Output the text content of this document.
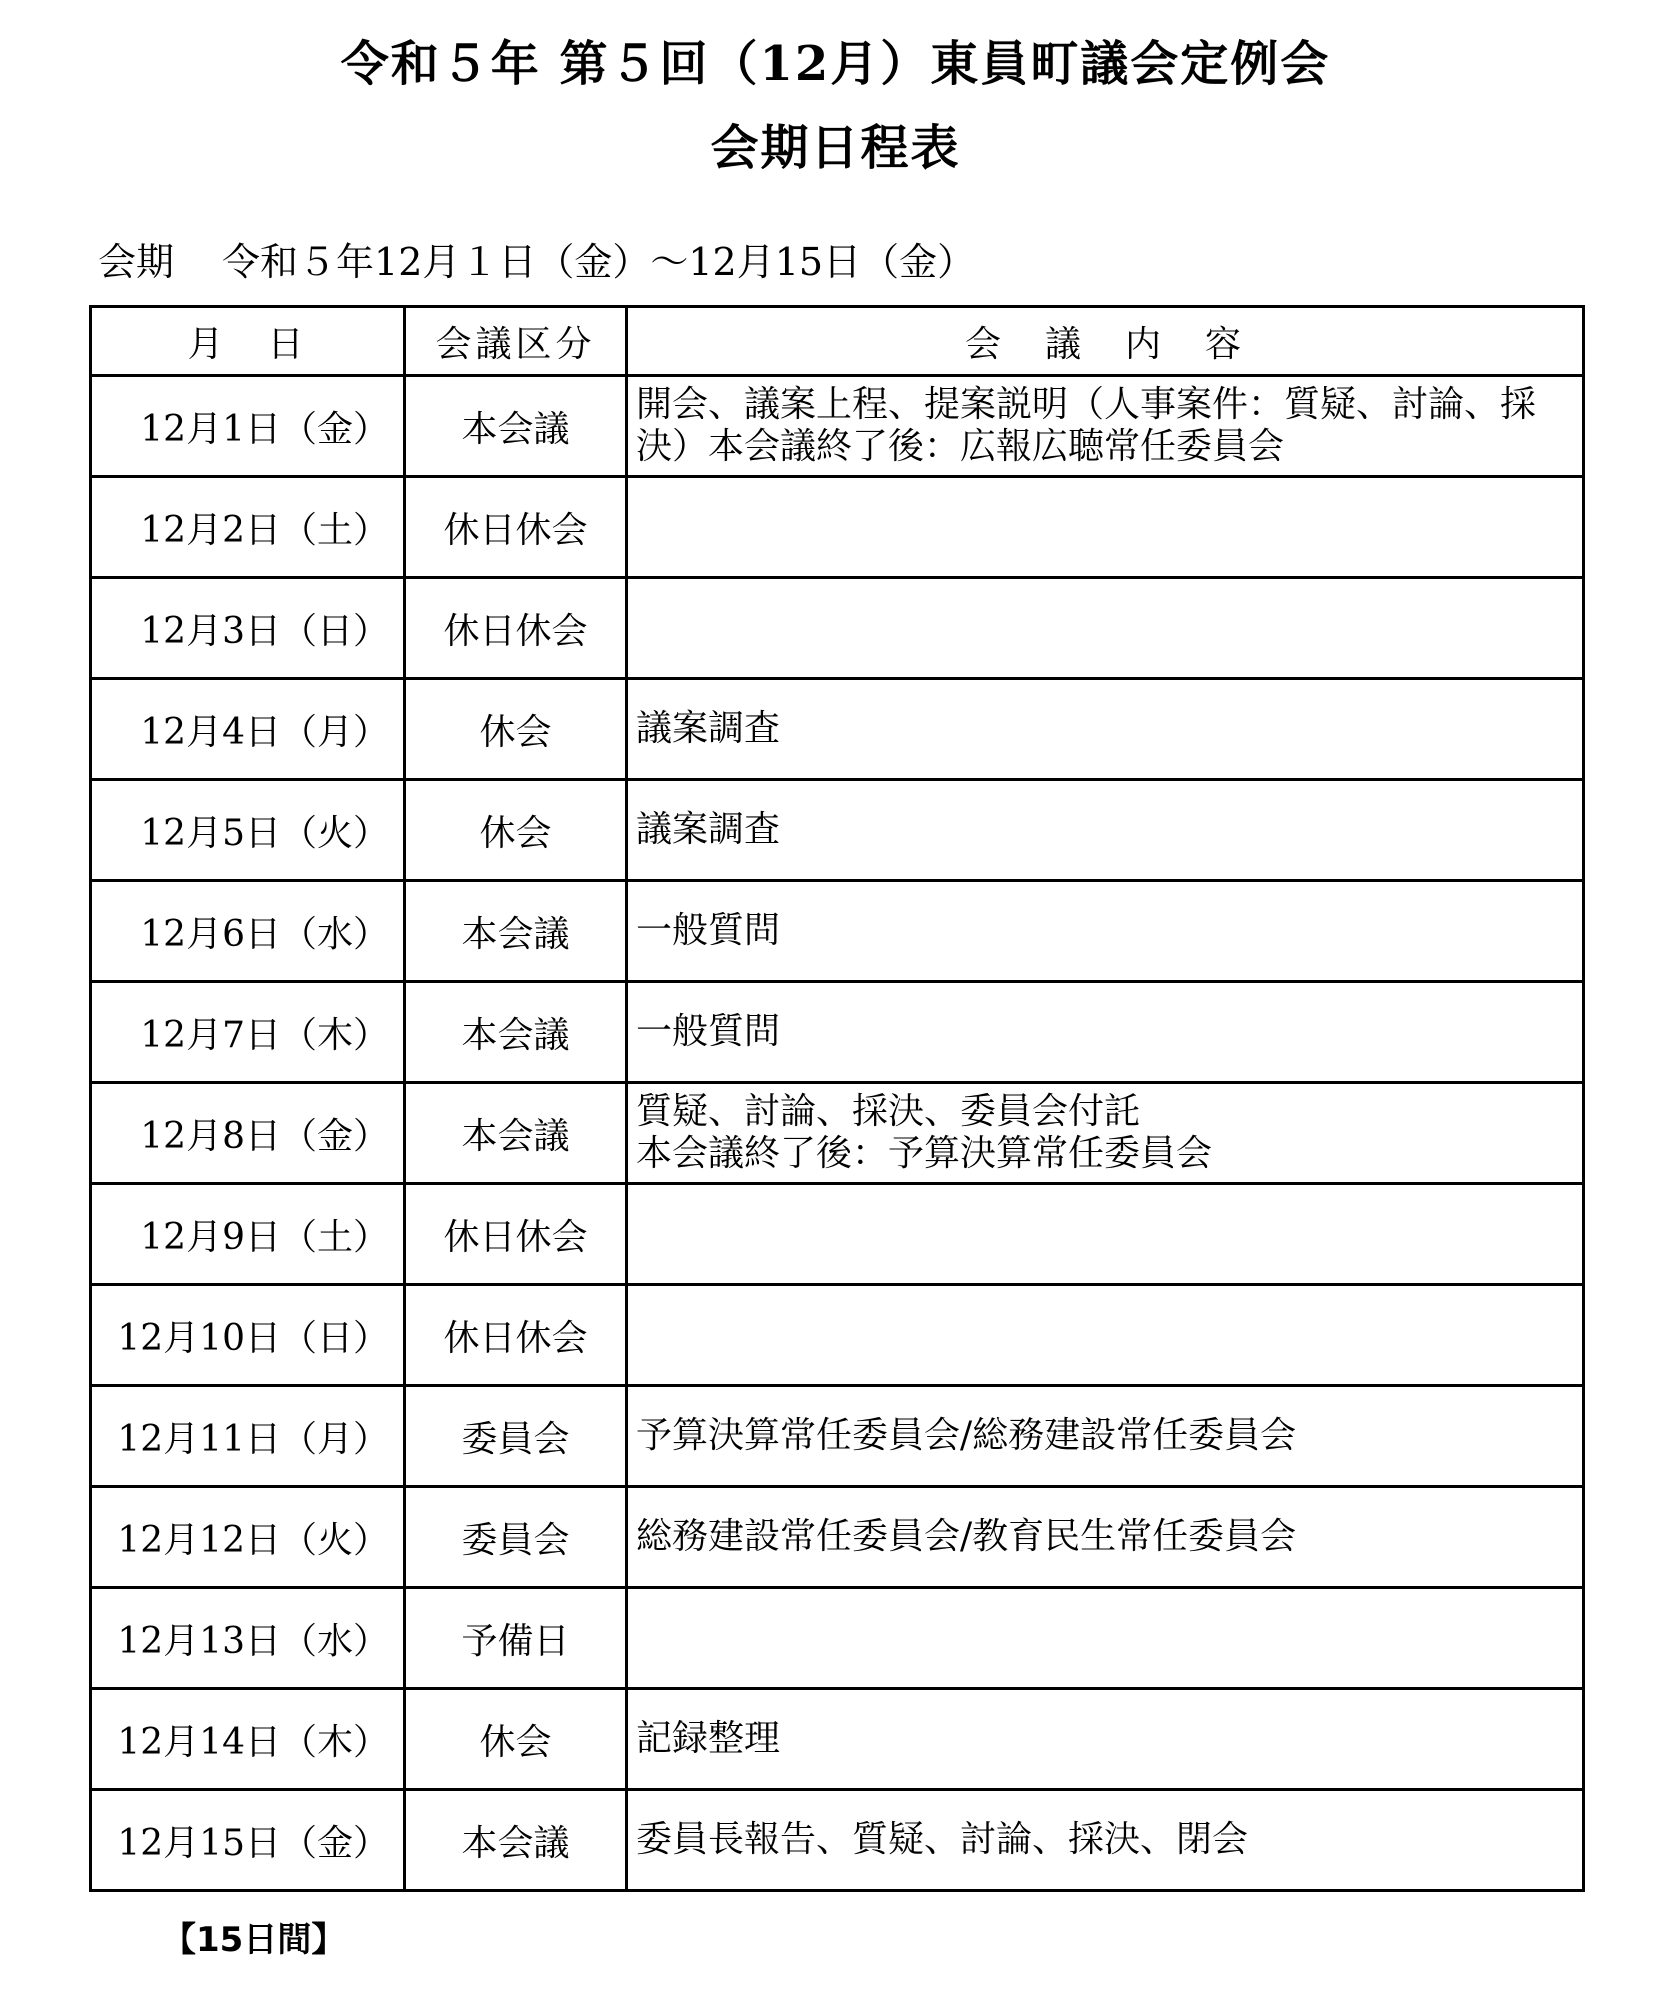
令和５年 第５回（12月）東員町議会定例会
会期日程表
会期 令和５年12月１日（金）～12月15日（金）
月　日	会議区分	会　議　内　容
12月1日（金）	本会議	開会、議案上程、提案説明（人事案件：質疑、討論、採決）本会議終了後：広報広聴常任委員会

12月2日（土）	休日休会	
12月3日（日）	休日休会	
12月4日（月）	休会	議案調査

12月5日（火）	休会	議案調査

12月6日（水）	本会議	一般質問

12月7日（木）	本会議	一般質問

12月8日（金）	本会議	質疑、討論、採決、委員会付託
本会議終了後：予算決算常任委員会

12月9日（土）	休日休会	
12月10日（日）	休日休会	
12月11日（月）	委員会	予算決算常任委員会/総務建設常任委員会

12月12日（火）	委員会	総務建設常任委員会/教育民生常任委員会

12月13日（水）	予備日	
12月14日（木）	休会	記録整理

12月15日（金）	本会議	委員長報告、質疑、討論、採決、閉会
【15日間】
